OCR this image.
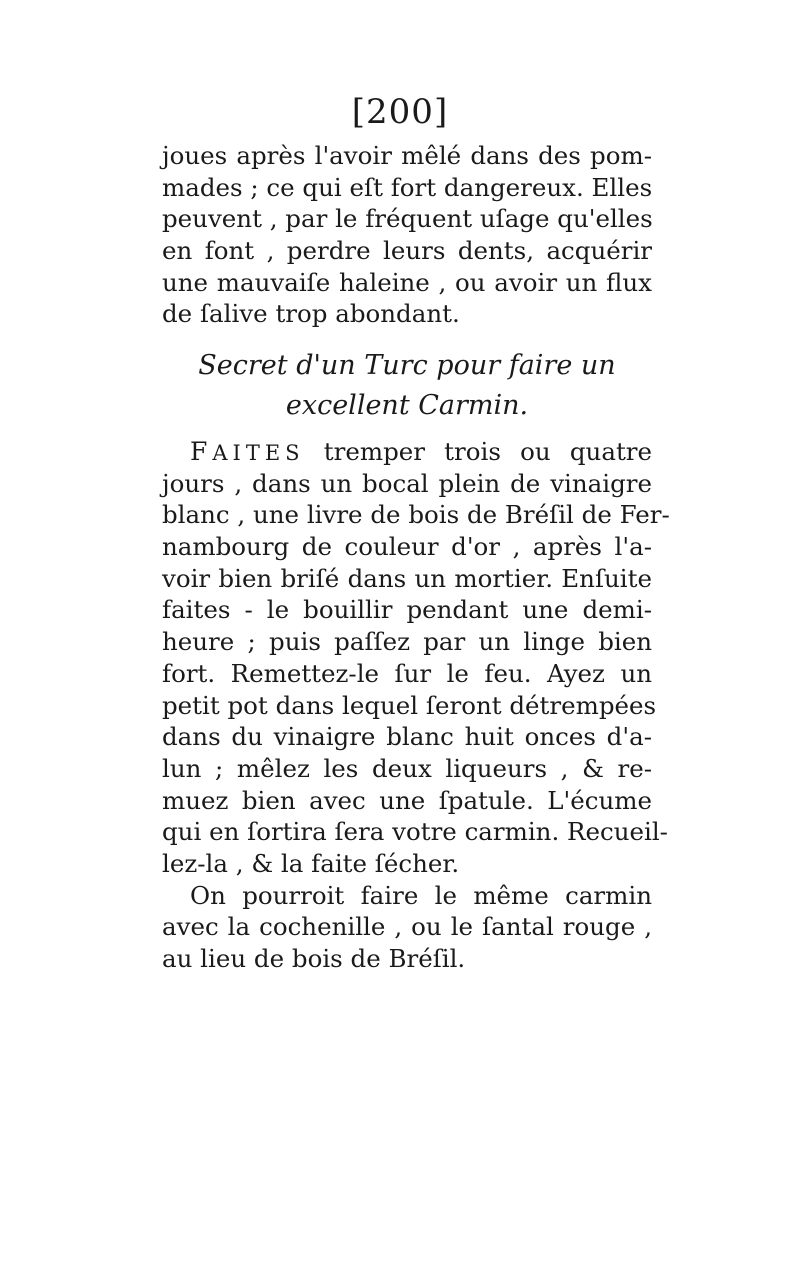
[200]
joues après l'avoir mêlé dans des pom-
mades ; ce qui eſt fort dangereux. Elles
peuvent , par le fréquent uſage qu'elles
en font , perdre leurs dents, acquérir
une mauvaiſe haleine , ou avoir un flux
de ſalive trop abondant.
Secret d'un Turc pour faire un
excellent Carmin.
FAITES tremper trois ou quatre
jours , dans un bocal plein de vinaigre
blanc , une livre de bois de Bréſil de Fer-
nambourg de couleur d'or , après l'a-
voir bien briſé dans un mortier. Enſuite
faites - le bouillir pendant une demi-
heure ; puis paſſez par un linge bien
fort. Remettez-le ſur le feu. Ayez un
petit pot dans lequel ſeront détrempées
dans du vinaigre blanc huit onces d'a-
lun ; mêlez les deux liqueurs , & re-
muez bien avec une ſpatule. L'écume
qui en ſortira ſera votre carmin. Recueil-
lez-la , & la faite ſécher.
On pourroit faire le même carmin
avec la cochenille , ou le ſantal rouge ,
au lieu de bois de Bréſil.
